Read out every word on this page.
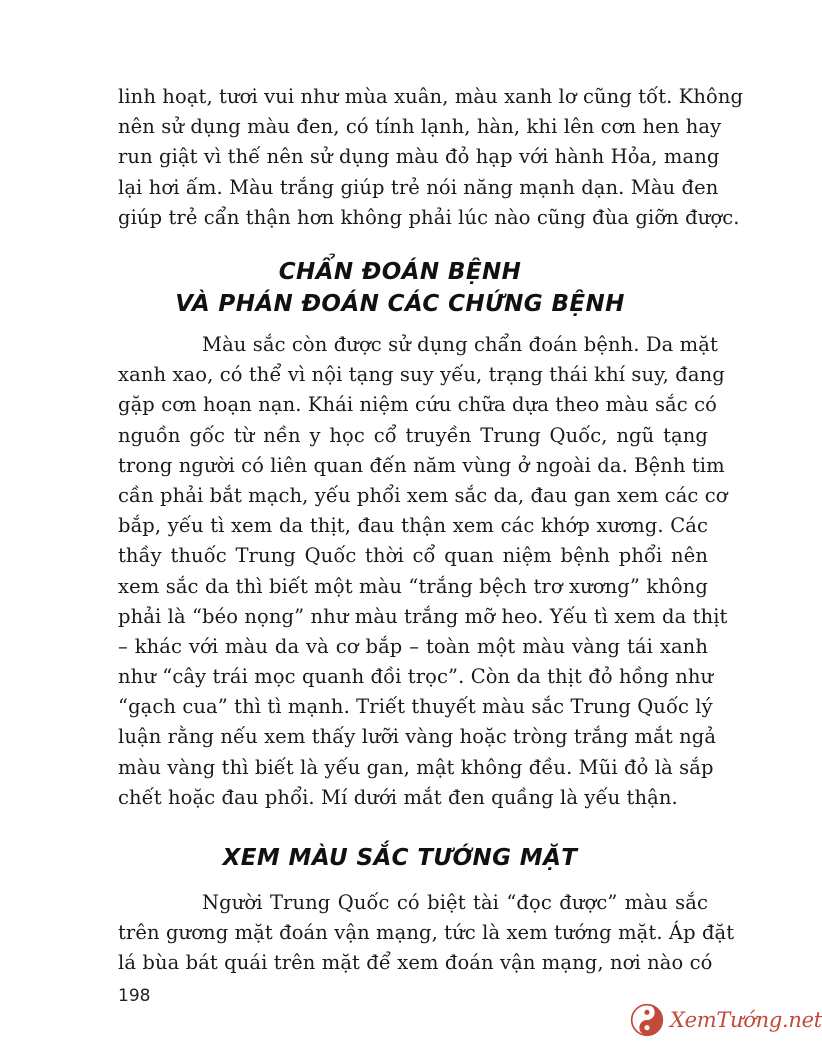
linh hoạt, tươi vui như mùa xuân, màu xanh lơ cũng tốt. Không
nên sử dụng màu đen, có tính lạnh, hàn, khi lên cơn hen hay
run giật vì thế nên sử dụng màu đỏ hạp với hành Hỏa, mang
lại hơi ấm. Màu trắng giúp trẻ nói năng mạnh dạn. Màu đen
giúp trẻ cẩn thận hơn không phải lúc nào cũng đùa giỡn được.
CHẨN ĐOÁN BỆNH
VÀ PHÁN ĐOÁN CÁC CHỨNG BỆNH
Màu sắc còn được sử dụng chẩn đoán bệnh. Da mặt
xanh xao, có thể vì nội tạng suy yếu, trạng thái khí suy, đang
gặp cơn hoạn nạn. Khái niệm cứu chữa dựa theo màu sắc có
nguồn gốc từ nền y học cổ truyền Trung Quốc, ngũ tạng
trong người có liên quan đến năm vùng ở ngoài da. Bệnh tim
cần phải bắt mạch, yếu phổi xem sắc da, đau gan xem các cơ
bắp, yếu tì xem da thịt, đau thận xem các khớp xương. Các
thầy thuốc Trung Quốc thời cổ quan niệm bệnh phổi nên
xem sắc da thì biết một màu “trắng bệch trơ xương” không
phải là “béo nọng” như màu trắng mỡ heo. Yếu tì xem da thịt
– khác với màu da và cơ bắp – toàn một màu vàng tái xanh
như “cây trái mọc quanh đồi trọc”. Còn da thịt đỏ hồng như
“gạch cua” thì tì mạnh. Triết thuyết màu sắc Trung Quốc lý
luận rằng nếu xem thấy lưỡi vàng hoặc tròng trắng mắt ngả
màu vàng thì biết là yếu gan, mật không đều. Mũi đỏ là sắp
chết hoặc đau phổi. Mí dưới mắt đen quầng là yếu thận.
XEM MÀU SẮC TƯỚNG MẶT
Người Trung Quốc có biệt tài “đọc được” màu sắc
trên gương mặt đoán vận mạng, tức là xem tướng mặt. Áp đặt
lá bùa bát quái trên mặt để xem đoán vận mạng, nơi nào có
198
XemTướng.net
